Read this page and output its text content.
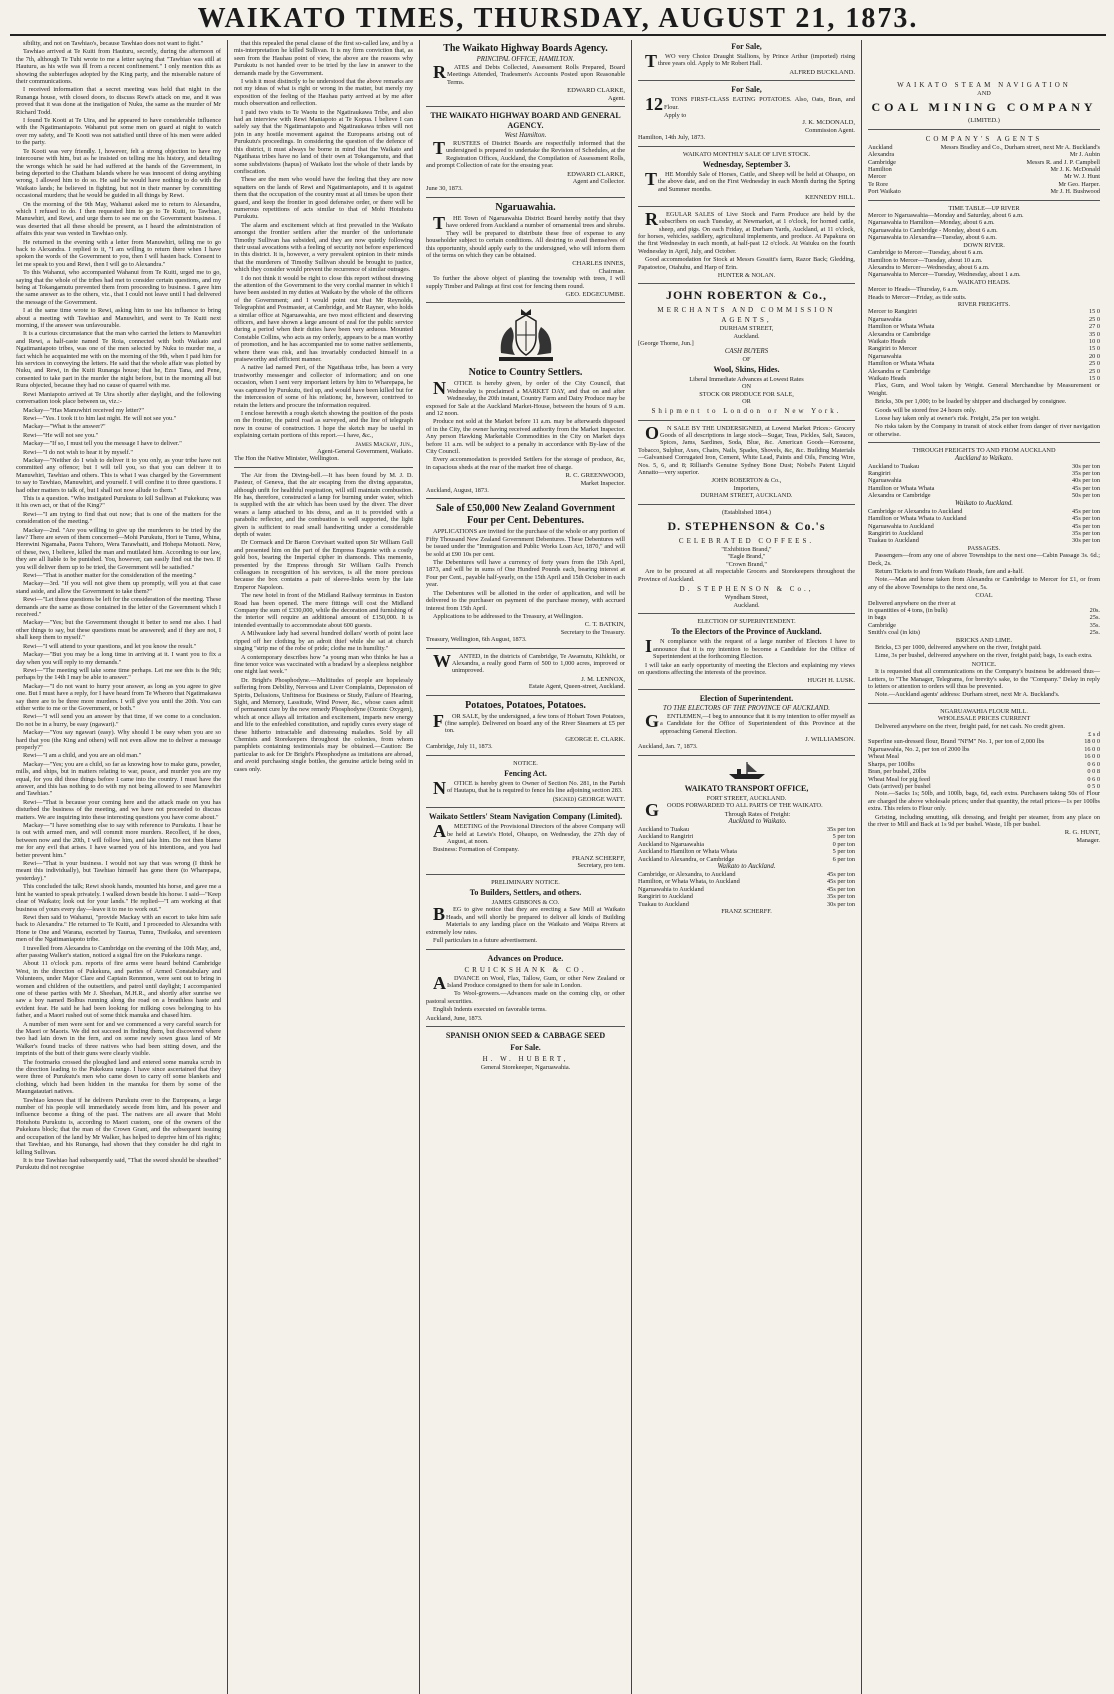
WAIKATO TIMES, THURSDAY, AUGUST 21, 1873.

sibility, and not on Tawhiao's, because Tawhiao does not want to fight."

Tawhiao arrived at Te Kuiti from Hauturu, secretly, during the afternoon of the 7th, although Te Tuhi wrote to me a letter saying that "Tawhiao was still at Hauturu, as his wife was ill from a recent confinement." I only mention this as showing the subterfuges adopted by the King party, and the miserable nature of their communications.

I received information that a secret meeting was held that night in the Runanga house, with closed doors, to discuss Rewi's attack on me, and it was proved that it was done at the instigation of Nuku, the same as the murder of Mr Richard Todd.

I found Te Kooti at Te Uira, and he appeared to have considerable influence with the Ngatimaniapoto. Wahanui put some men on guard at night to watch over my safety, and Te Kooti was not satisfied until three of his men were added to the party.

Te Kooti was very friendly. I, however, felt a strong objection to have my intercourse with him, but as he insisted on telling me his history, and detailing the wrongs which he said he had suffered at the hands of the Government, in being deported to the Chatham Islands where he was innocent of doing anything wrong, I allowed him to do so. He said he would have nothing to do with the Waikato lands; he believed in fighting, but not in their manner by committing occasional murders; that he would be guided in all things by Rewi.

On the morning of the 9th May, Wahanui asked me to return to Alexandra, which I refused to do. I then requested him to go to Te Kuiti, to Tawhiao, Manuwhiri, and Rewi, and urge them to see me on the Government business. I was deserted that all these should be present, as I heard the administration of affairs this year was vested in Tawhiao only.

He returned in the evening with a letter from Manuwhiri, telling me to go back to Alexandra. I replied to it, "I am willing to return there when I have spoken the words of the Government to you, then I will hasten back. Consent to let me speak to you and Rewi, then I will go to Alexandra."

To this Wahanui, who accompanied Wahanui from Te Kuiti, urged me to go, saying that the whole of the tribes had met to consider certain questions, and my being at Tokangamutu prevented them from proceeding to business. I gave him the same answer as to the others, viz., that I could not leave until I had delivered the message of the Government.

I at the same time wrote to Rewi, asking him to use his influence to bring about a meeting with Tawhiao and Manuwhiri, and went to Te Kuiti next morning, if the answer was unfavourable.

It is a curious circumstance that the man who carried the letters to Manuwhiri and Rewi, a half-caste named Te Roia, connected with both Waikato and Ngatimaniapoto tribes, was one of the men selected by Nuku to murder me, a fact which he acquainted me with on the morning of the 9th, when I paid him for his services in conveying the letters. He said that the whole affair was plotted by Nuku, and Rewi, in the Kuiti Runanga house; that he, Ezra Tana, and Pene, consented to take part in the murder the night before, but in the morning all but Rura objected, because they had no cause of quarrel with me.

Rewi Maniapoto arrived at Te Uira shortly after daylight, and the following conversation took place between us, viz.:-

Mackay—"Has Manuwhiri received my letter?"

Rewi—"Yes. I took it to him last night. He will not see you."

Mackay—"What is the answer?"

Rewi—"He will not see you."

Mackay—"If so, I must tell you the message I have to deliver."

Rewi—"I do not wish to hear it by myself."

Mackay—"Neither do I wish to deliver it to you only, as your tribe have not committed any offence; but I will tell you, so that you can deliver it to Manuwhiri, Tawhiao and others. This is what I was charged by the Government to say to Tawhiao, Manuwhiri, and yourself. I will confine it to three questions. I had other matters to talk of, but I shall not now allude to them."

This is a question. "Who instigated Purukutu to kill Sullivan at Fukekura; was it his own act, or that of the King?"

Rewi—"I am trying to find that out now; that is one of the matters for the consideration of the meeting."

Mackay—2nd. "Are you willing to give up the murderers to be tried by the law? There are seven of them concerned—Mohi Purukutu, Hori te Tumu, Whina, Herewini Ngamaha, Paora Tuhoro, Wera Tarawhaiti, and Hohepa Motuoti. Now, of these, two, I believe, killed the man and mutilated him. According to our law, they are all liable to be punished. You, however, can easily find out the two. If you will deliver them up to be tried, the Government will be satisfied."

Rewi—"That is another matter for the consideration of the meeting."

Mackay—3rd. "If you will not give them up promptly, will you at that case stand aside, and allow the Government to take them?"

Rewi—"Let those questions be left for the consideration of the meeting. These demands are the same as those contained in the letter of the Government which I received."

Mackay—"Yes; but the Government thought it better to send me also. I had other things to say, but these questions must be answered; and if they are not, I shall keep them to myself."

Rewi—"I will attend to your questions, and let you know the result."

Mackay—"But you may be a long time in arriving at it. I want you to fix a day when you will reply to my demands."

Rewi—"The meeting will take some time perhaps. Let me see this is the 9th; perhaps by the 14th I may be able to answer."

Mackay—"I do not want to hurry your answer, as long as you agree to give one. But I must have a reply, for I have heard from Te Wheoro that Ngatimakawa say there are to be three more murders. I will give you until the 20th. You can either write to me or the Government, or both."

Rewi—"I will send you an answer by that time, if we come to a conclusion. Do not be in a hurry, be easy (ngawari)."

Mackay—"You say ngawari (easy). Why should I be easy when you are so hard that you (the King and others) will not even allow me to deliver a message properly?"

Rewi—"I am a child, and you are an old man."

Mackay—"Yes; you are a child, so far as knowing how to make guns, powder, mills, and ships, but in matters relating to war, peace, and murder you are my equal, for you did those things before I came into the country. I must have the answer, and this has nothing to do with my not being allowed to see Manuwhiri and Tawhiao."

Rewi—"That is because your coming here and the attack made on you has disturbed the business of the meeting, and we have not proceeded to discuss matters. We are inquiring into these interesting questions you have come about."

Mackay—"I have something else to say with reference to Purukutu. I hear he is out with armed men, and will commit more murders. Recollect, if he does, between now and the 20th, I will follow him, and take him. Do not then blame me for any evil that arises. I have warned you of his intentions, and you had better prevent him."

Rewi—"That is your business. I would not say that was wrong (I think he meant this individually), but Tawhiao himself has gone there (to Wharepapa, yesterday)."

This concluded the talk; Rewi shook hands, mounted his horse, and gave me a hint he wanted to speak privately. I walked down beside his horse. I said—"Keep clear of Waikato; look out for your lands." He replied—"I am working at that business of yours every day—leave it to me to work out."

Rewi then said to Wahanui, "provide Mackay with an escort to take him safe back to Alexandra." He returned to Te Kuiti, and I proceeded to Alexandra with Hone te One and Warana, escorted by Taurua, Tumu, Tiwikaka, and seventeen men of the Ngatimaniapoto tribe.

I travelled from Alexandra to Cambridge on the evening of the 10th May, and, after passing Walker's station, noticed a signal fire on the Pukekura range.

About 11 o'clock p.m. reports of fire arms were heard behind Cambridge West, in the direction of Pukekura, and parties of Armed Constabulary and Volunteers, under Major Clare and Captain Rennmon, were sent out to bring in women and children of the outsettlers, and patrol until daylight; I accompanied one of these parties with Mr J. Sheehan, M.H.R., and shortly after sunrise we saw a boy named Bolbus running along the road on a breathless haste and evident fear. He said he had been looking for milking cows belonging to his father, and a Maori rushed out of some thick manuka and chased him.

A number of men were sent for and we commenced a very careful search for the Maori or Maoris. We did not succeed in finding them, but discovered where two had lain down in the fern, and on some newly sown grass land of Mr Walker's found tracks of three natives who had been sitting down, and the imprints of the butt of their guns were clearly visible.

The footmarks crossed the ploughed land and entered some manuka scrub in the direction leading to the Pukekura range. I have since ascertained that they were three of Purukutu's men who came down to carry off some blankets and clothing, which had been hidden in the manuka for them by some of the Maungatautari natives.

Tawhiao knows that if he delivers Purukutu over to the Europeans, a large number of his people will immediately secede from him, and his power and influence become a thing of the past. The natives are all aware that Mohi Hotuhotu Purukutu is, according to Maori custom, one of the owners of the Pukekura block; that the man of the Crown Grant, and the subsequent issuing and occupation of the land by Mr Walker, has helped to deprive him of his rights; that Tawhiao, and his Runanga, had shown that they consider he did right in killing Sullivan.

It is true Tawhiao had subsequently said, "That the sword should be sheathed" Purukutu did not recognise

that this repealed the penal clause of the first so-called law, and by a mis-interpretation he killed Sullivan. It is my firm conviction that, as seen from the Hauhau point of view, the above are the reasons why Purukutu is not handed over to be tried by the law in answer to the demands made by the Government.

I wish it most distinctly to be understood that the above remarks are not my ideas of what is right or wrong in the matter, but merely my exposition of the feeling of the Hauhau party arrived at by me after much observation and reflection.

I paid two visits to Te Waotu to the Ngatiraukawa Tribe, and also had an interview with Rewi Maniapoto at Te Kopua. I believe I can safely say that the Ngatimaniapoto and Ngatiraukawa tribes will not join in any hostile movement against the Europeans arising out of Purukutu's proceedings. In considering the question of the defence of this district, it must always be borne in mind that the Waikato and Ngatihaua tribes have no land of their own at Tokangamutu, and that some subdivisions (hapus) of Waikato lost the whole of their lands by confiscation.

These are the men who would have the feeling that they are now squatters on the lands of Rewi and Ngatimaniapoto, and it is against them that the occupation of the country must at all times be upon their guard, and keep the frontier in good defensive order, or there will be numerous repetitions of acts similar to that of Mohi Hotuhotu Purukutu.

The alarm and excitement which at first prevailed in the Waikato amongst the frontier settlers after the murder of the unfortunate Timothy Sullivan has subsided, and they are now quietly following their usual avocations with a feeling of security not before experienced in this district. It is, however, a very prevalent opinion in their minds that the murderers of Timothy Sullivan should be brought to justice, which they consider would prevent the recurrence of similar outrages.

I do not think it would be right to close this report without drawing the attention of the Government to the very cordial manner in which I have been assisted in my duties at Waikato by the whole of the officers of the Government; and I would point out that Mr Reynolds, Telegraphist and Postmaster, at Cambridge, and Mr Rayner, who holds a similar office at Ngaruawahia, are two most efficient and deserving officers, and have shown a large amount of zeal for the public service during a period when their duties have been very arduous. Mounted Constable Collins, who acts as my orderly, appears to be a man worthy of promotion, and he has accompanied me to some native settlements, where there was risk, and has invariably conducted himself in a praiseworthy and efficient manner.

A native lad named Peri, of the Ngatihaua tribe, has been a very trustworthy messenger and collector of information; and on one occasion, when I sent very important letters by him to Wharepapa, he was captured by Purukutu, tied up, and would have been killed but for the intercession of some of his relations; he, however, contrived to retain the letters and procure the information required.

I enclose herewith a rough sketch showing the position of the posts on the frontier, the patrol road as surveyed, and the line of telegraph now in course of construction. I hope the sketch may be useful in explaining certain portions of this report.—I have, &c.,

James Mackay, Jun.,
Agent-General Government, Waikato.
The Hon the Native Minister, Wellington.

The Air from the Diving-bell.—It has been found by M. J. D. Pasteur, of Geneva, that the air escaping from the diving apparatus, although unfit for healthful respiration, will still maintain combustion. He has, therefore, constructed a lamp for burning under water, which is supplied with the air which has been used by the diver. The diver wears a lamp attached to his dress, and as it is provided with a parabolic reflector, and the combustion is well supported, the light given is sufficient to read small handwriting under a considerable depth of water.

Dr Cormack and Dr Baron Corvisart waited upon Sir William Gull and presented him on the part of the Empress Eugenie with a costly gold box, bearing the Imperial cipher in diamonds. This memento, presented by the Empress through Sir William Gull's French colleagues in recognition of his services, is all the more precious because the box contains a pair of sleeve-links worn by the late Emperor Napoleon.

The new hotel in front of the Midland Railway terminus in Euston Road has been opened. The mere fittings will cost the Midland Company the sum of £330,000, while the decoration and furnishing of the interior will require an additional amount of £150,000. It is intended eventually to accommodate about 600 guests.

A Milwaukee lady had several hundred dollars' worth of point lace ripped off her clothing by an adroit thief while she sat at church singing "strip me of the robe of pride; clothe me in humility."

A contemporary describes how "a young man who thinks he has a fine tenor voice was vaccinated with a bradawl by a sleepless neighbor one night last week."

Dr. Bright's Phosphodyne.—Multitudes of people are hopelessly suffering from Debility, Nervous and Liver Complaints, Depression of Spirits, Delusions, Unfitness for Business or Study, Failure of Hearing, Sight, and Memory, Lassitude, Wind Power, &c., whose cases admit of permanent cure by the new remedy Phosphodyne (Ozonic Oxygen), which at once allays all irritation and excitement, imparts new energy and life to the enfeebled constitution, and rapidly cures every stage of these hitherto intractable and distressing maladies. Sold by all Chemists and Storekeepers throughout the colonies, from whom pamphlets containing testimonials may be obtained.—Caution: Be particular to ask for Dr Bright's Phosphodyne as imitations are abroad, and avoid purchasing single bottles, the genuine article being sold in cases only.

The Waikato Highway Boards Agency.
PRINCIPAL OFFICE, HAMILTON.

R ATES and Debts Collected, Assessment Rolls Prepared, Board Meetings Attended, Tradesmen's Accounts Posted upon Reasonable Terms.

EDWARD CLARKE,
Agent.
THE WAIKATO HIGHWAY BOARD AND GENERAL AGENCY.
West Hamilton.

T RUSTEES of District Boards are respectfully informed that the undersigned is prepared to undertake the Revision of Schedules, at the Registration Offices, Auckland, the Compilation of Assessment Rolls, and prompt Collection of rate for the ensuing year.

EDWARD CLARKE,
Agent and Collector.
June 30, 1873.
Ngaruawahia.

T HE Town of Ngaruawahia District Board hereby notify that they have ordered from Auckland a number of ornamental trees and shrubs. They will be prepared to distribute these free of expense to any householder subject to certain conditions. All desiring to avail themselves of this opportunity, should apply early to the undersigned, who will inform them of the terms on which they can be obtained.

CHARLES INNES,
Chairman.

To further the above object of planting the township with trees, I will supply Timber and Palings at first cost for fencing them round.

GEO. EDGECUMBE.
Notice to Country Settlers.

N OTICE is hereby given, by order of the City Council, that Wednesday is proclaimed a MARKET DAY, and that on and after Wednesday, the 20th instant, Country Farm and Dairy Produce may be exposed for Sale at the Auckland Market-House, between the hours of 9 a.m. and 12 noon.

Produce not sold at the Market before 11 a.m. may be afterwards disposed of in the City, the owner having received authority from the Market Inspector. Any person Hawking Marketable Commodities in the City on Market days before 11 a.m. will be subject to a penalty in accordance with By-law of the City Council.

Every accommodation is provided Settlers for the storage of produce, &c, in capacious sheds at the rear of the market free of charge.

R. C. GREENWOOD,
Market Inspector.
Auckland, August, 1873.
Sale of £50,000 New Zealand Government Four per Cent. Debentures.

APPLICATIONS are invited for the purchase of the whole or any portion of Fifty Thousand New Zealand Government Debentures. These Debentures will be issued under the "Immigration and Public Works Loan Act, 1870," and will be sold at £90 10s per cent.

The Debentures will have a currency of forty years from the 15th April, 1873, and will be in sums of One Hundred Pounds each, bearing interest at Four per Cent., payable half-yearly, on the 15th April and 15th October in each year.

The Debentures will be allotted in the order of application, and will be delivered to the purchaser on payment of the purchase money, with accrued interest from 15th April.

Applications to be addressed to the Treasury, at Wellington.

C. T. BATKIN,
Secretary to the Treasury.
Treasury, Wellington, 6th August, 1873.

W ANTED, in the districts of Cambridge, Te Awamutu, Kihikihi, or Alexandra, a really good Farm of 500 to 1,000 acres, improved or unimproved.

J. M. LENNOX,
Estate Agent, Queen-street, Auckland.
Potatoes, Potatoes, Potatoes.

F OR SALE, by the undersigned, a few tons of Hobart Town Potatoes, (fine sample). Delivered on board any of the River Steamers at £5 per ton.

GEORGE E. CLARK.
Cambridge, July 11, 1873.
NOTICE.
Fencing Act.

N OTICE is hereby given to Owner of Section No. 281, in the Parish of Hautapu, that he is required to fence his line adjoining section 283.

(Signed) GEORGE WATT.
Waikato Settlers' Steam Navigation Company (Limited).

A MEETING of the Provisional Directors of the above Company will be held at Lewis's Hotel, Ohaupo, on Wednesday, the 27th day of August, at noon.

Business: Formation of Company.

FRANZ SCHERFF,
Secretary, pro tem.
PRELIMINARY NOTICE.
To Builders, Settlers, and others.
JAMES GIBBONS & CO.

B EG to give notice that they are erecting a Saw Mill at Waikato Heads, and will shortly be prepared to deliver all kinds of Building Materials to any landing place on the Waikato and Waipa Rivers at extremely low rates.

Full particulars in a future advertisement.

Advances on Produce.
CRUICKSHANK & CO.

A DVANCE on Wool, Flax, Tallow, Gum, or other New Zealand or Island Produce consigned to them for sale in London.

To Wool-growers.—Advances made on the coming clip, or other pastoral securities.

English Indents executed on favorable terms.

Auckland, June, 1873.
SPANISH ONION SEED & CABBAGE SEED
For Sale.
H. W. HUBERT,
General Storekeeper, Ngaruawahia.
For Sale,

T WO very Choice Draught Stallions, by Prince Arthur (imported) rising three years old. Apply to Mr Robert Hall.

ALFRED BUCKLAND.
For Sale,

12 TONS FIRST-CLASS EATING POTATOES. Also, Oats, Bran, and Flour.

Apply to
J. K. McDONALD,
Commission Agent.
Hamilton, 14th July, 1873.
WAIKATO MONTHLY SALE OF LIVE STOCK.
Wednesday, September 3.

T HE Monthly Sale of Horses, Cattle, and Sheep will be held at Ohaupo, on the above date, and on the First Wednesday in each Month during the Spring and Summer months.

KENNEDY HILL.

R EGULAR SALES of Live Stock and Farm Produce are held by the subscribers on each Tuesday, at Newmarket, at 1 o'clock, for horned cattle, sheep, and pigs. On each Friday, at Durham Yards, Auckland, at 11 o'clock, for horses, vehicles, saddlery, agricultural implements, and produce. At Papakura on the first Wednesday in each month, at half-past 12 o'clock. At Waiuku on the fourth Wednesday in April, July, and October.

Good accommodation for Stock at Messrs Gossitt's farm, Razor Back; Gledding, Papatoetoe, Otahuhu, and Harp of Erin.

HUNTER & NOLAN.
JOHN ROBERTON & Co.,
MERCHANTS AND COMMISSION AGENTS,
DURHAM STREET,
Auckland.
[George Thorne, Jun.]
CASH BUYERS
OF
Wool, Skins, Hides.
Liberal Immediate Advances at Lowest Rates
ON
STOCK OR PRODUCE FOR SALE,
OR
Shipment to London or New York.

O N SALE BY THE UNDERSIGNED, at Lowest Market Prices:- Grocery Goods of all descriptions in large stock—Sugar, Teas, Pickles, Salt, Sauces, Spices, Jams, Sardines, Soda, Blue, &c. American Goods—Kerosene, Tobacco, Sulphur, Axes, Chairs, Nails, Spades, Shovels, &c, &c. Building Materials—Galvanised Corrugated Iron, Cement, White Lead, Paints and Oils, Fencing Wire, Nos. 5, 6, and 8; Rilliard's Genuine Sydney Bone Dust; Nobel's Patent Liquid Annatto—very superior.

JOHN ROBERTON & Co.,
Importers,
DURHAM STREET, AUCKLAND.
(Established 1864.)
D. STEPHENSON & Co.'s
CELEBRATED COFFEES.
"Exhibition Brand,"
"Eagle Brand,"
"Crown Brand,"

Are to be procured at all respectable Grocers and Storekeepers throughout the Province of Auckland.

D. STEPHENSON & Co.,
Wyndham Street,
Auckland.
ELECTION OF SUPERINTENDENT.
To the Electors of the Province of Auckland.

I N compliance with the request of a large number of Electors I have to announce that it is my intention to become a Candidate for the Office of Superintendent at the forthcoming Election.

I will take an early opportunity of meeting the Electors and explaining my views on questions affecting the interests of the province.

HUGH H. LUSK.
Election of Superintendent.
TO THE ELECTORS OF THE PROVINCE OF AUCKLAND.

G ENTLEMEN,—I beg to announce that it is my intention to offer myself as a Candidate for the Office of Superintendent of this Province at the approaching General Election.

J. WILLIAMSON.
Auckland, Jan. 7, 1873.
WAIKATO TRANSPORT OFFICE,
FORT STREET, AUCKLAND.

G OODS FORWARDED TO ALL PARTS OF THE WAIKATO.

Through Rates of Freight:
Auckland to Waikato.
Auckland to Tuakau	35s per ton
Auckland to Rangiriri	5 per ton
Auckland to Ngaruawahia	0 per ton
Auckland to Hamilton or Whata Whata	5 per ton
Auckland to Alexandra, or Cambridge	6 per ton
Waikato to Auckland.
Cambridge, or Alexandra, to Auckland	45s per ton
Hamilton, or Whata Whata, to Auckland	45s per ton
Ngaruawahia to Auckland	45s per ton
Rangiriri to Auckland	35s per ton
Tuakau to Auckland	30s per ton
FRANZ SCHERFF.
WAIKATO STEAM NAVIGATION
AND
COAL MINING COMPANY
(LIMITED.)
COMPANY'S AGENTS
Auckland	Messrs Bradley and Co., Durham street, next Mr A. Buckland's
Alexandra	Mr J. Aubin
Cambridge	Messrs R. and J. P. Campbell
Hamilton	Mr J. K. McDonald
Mercer	Mr W. J. Hunt
Te Rore	Mr Geo. Harper.
Port Waikato	Mr J. H. Bushwood
TIME TABLE—UP RIVER
Mercer to Ngaruawahia—Monday and Saturday, about 6 a.m.
Ngaruawahia to Hamilton—Monday, about 6 a.m.
Ngaruawahia to Cambridge - Monday, about 6 a.m.
Ngaruawahia to Alexandra—Tuesday, about 6 a.m.
DOWN RIVER.
Cambridge to Mercer—Tuesday, about 6 a.m.
Hamilton to Mercer—Tuesday, about 10 a.m.
Alexandra to Mercer—Wednesday, about 6 a.m.
Ngaruawahia to Mercer—Tuesday, Wednesday, about 1 a.m.
WAIKATO HEADS.
Mercer to Heads—Thursday, 6 a.m.
Heads to Mercer—Friday, as tide suits.
RIVER FREIGHTS.
Mercer to Rangiriri	15 0
Ngaruawahia	25 0
Hamilton or Whata Whata	27 0
Alexandra or Cambridge	35 0
Waikato Heads	10 0
Rangiriri to Mercer	15 0
Ngaruawahia	20 0
Hamilton or Whata Whata	25 0
Alexandra or Cambridge	25 0
Waikato Heads	15 0

Flax, Gum, and Wool taken by Weight. General Merchandise by Measurement or Weight.

Bricks, 30s per 1,000; to be loaded by shipper and discharged by consignee.

Goods will be stored free 24 hours only.

Loose hay taken only at owner's risk. Freight, 25s per ton weight.

No risks taken by the Company in transit of stock either from danger of river navigation or otherwise.

THROUGH FREIGHTS TO AND FROM AUCKLAND
Auckland to Waikato.
Auckland to Tuakau	30s per ton
Rangiriri	35s per ton
Ngaruawahia	40s per ton
Hamilton or Whata Whata	45s per ton
Alexandra or Cambridge	50s per ton
Waikato to Auckland.
Cambridge or Alexandra to Auckland	45s per ton
Hamilton or Whata Whata to Auckland	45s per ton
Ngaruawahia to Auckland	45s per ton
Rangiriri to Auckland	35s per ton
Tuakau to Auckland	30s per ton
PASSAGES.

Passengers—from any one of above Townships to the next one—Cabin Passage 3s. 6d.; Deck, 2s.

Return Tickets to and from Waikato Heads, fare and a-half.

Note.—Man and horse taken from Alexandra or Cambridge to Mercer for £1, or from any of the above Townships to the next one, 5s.

COAL
Delivered anywhere on the river at
in quantities of 4 tons, (in bulk)	20s.
in bags	25s.
Cambridge	35s.
Smith's coal (in kits)	25s.
BRICKS AND LIME.

Bricks, £3 per 1000, delivered anywhere on the river, freight paid.

Lime, 3s per bushel, delivered anywhere on the river, freight paid; bags, 1s each extra.

NOTICE.

It is requested that all communications on the Company's business be addressed thus—Letters, to "The Manager, Telegrams, for brevity's sake, to the "Company." Delay in reply to letters or attention to orders will thus be prevented.

Note.—Auckland agents' address: Durham street, next Mr A. Buckland's.

NGARUAWAHIA FLOUR MILL.
WHOLESALE PRICES CURRENT

Delivered anywhere on the river, freight paid, for net cash. No credit given.

£ s d
Superfine sun-dressed flour, Brand "NFM" No. 1, per ton of 2,000 lbs	18 0 0
Ngaruawahia, No. 2, per ton of 2000 lbs	16 0 0
Wheat Meal	16 0 0
Sharps, per 100lbs	0 6 0
Bran, per bushel, 20lbs	0 0 8
Wheat Meal for pig feed	0 6 0
Oats (arrived) per bushel	0 5 0

Note.—Sacks 1s; 50lb, and 100lb, bags, 6d, each extra. Purchasers taking 50s of Flour are charged the above wholesale prices; under that quantity, the retail prices—1s per 100lbs extra. This refers to Flour only.

Gristing, including smutting, silk dressing, and freight per steamer, from any place on the river to Mill and Back at 1s 9d per bushel. Waste, 1lb per bushel.

R. G. HUNT,
Manager.
